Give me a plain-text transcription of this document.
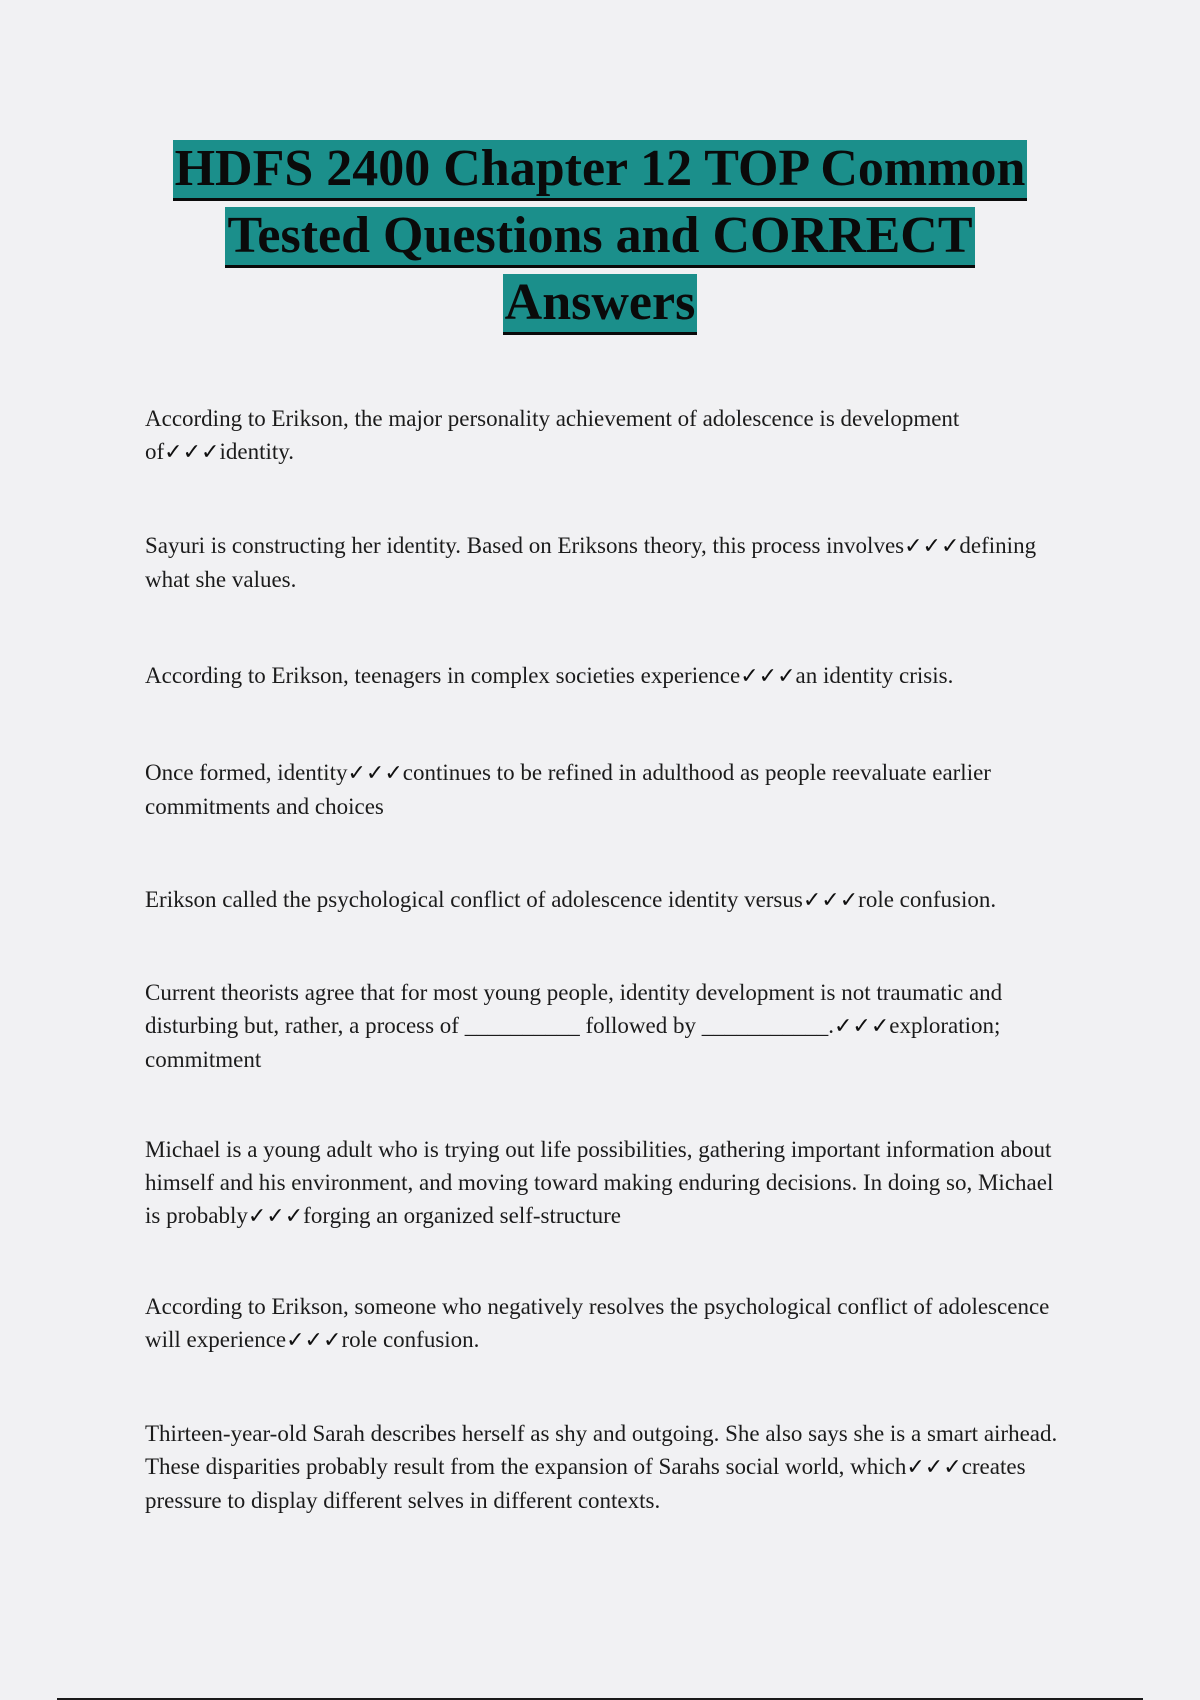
HDFS 2400 Chapter 12 TOP Common
Tested Questions and CORRECT
Answers
According to Erikson, the major personality achievement of adolescence is development of✓✓✓identity.
Sayuri is constructing her identity. Based on Eriksons theory, this process involves✓✓✓defining what she values.
According to Erikson, teenagers in complex societies experience✓✓✓an identity crisis.
Once formed, identity✓✓✓continues to be refined in adulthood as people reevaluate earlier commitments and choices
Erikson called the psychological conflict of adolescence identity versus✓✓✓role confusion.
Current theorists agree that for most young people, identity development is not traumatic and disturbing but, rather, a process of __________ followed by ___________.✓✓✓exploration; commitment
Michael is a young adult who is trying out life possibilities, gathering important information about himself and his environment, and moving toward making enduring decisions. In doing so, Michael is probably✓✓✓forging an organized self-structure
According to Erikson, someone who negatively resolves the psychological conflict of adolescence will experience✓✓✓role confusion.
Thirteen-year-old Sarah describes herself as shy and outgoing. She also says she is a smart airhead. These disparities probably result from the expansion of Sarahs social world, which✓✓✓creates pressure to display different selves in different contexts.
